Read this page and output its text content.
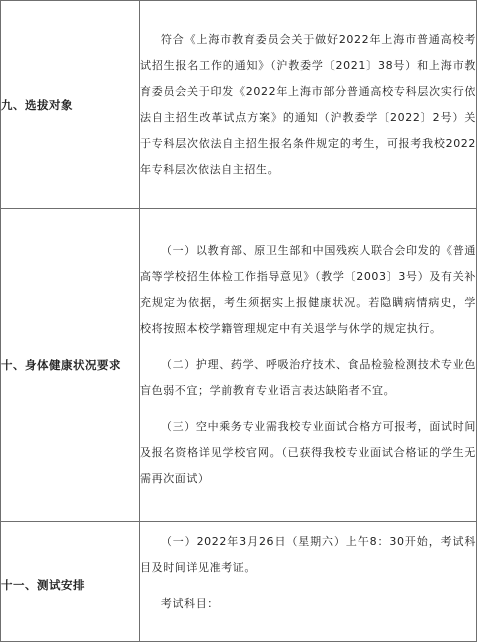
九、选拔对象	符合《上海市教育委员会关于做好2022年上海市普通高校考试招生报名工作的通知》（沪教委学〔2021〕38号）和上海市教育委员会关于印发《2022年上海市部分普通高校专科层次实行依法自主招生改革试点方案》的通知（沪教委学〔2022〕2号）关于专科层次依法自主招生报名条件规定的考生，可报考我校2022年专科层次依法自主招生。

十、身体健康状况要求	（一）以教育部、原卫生部和中国残疾人联合会印发的《普通高等学校招生体检工作指导意见》（教学〔2003〕3号）及有关补充规定为依据，考生须据实上报健康状况。若隐瞒病情病史，学校将按照本校学籍管理规定中有关退学与休学的规定执行。

（二）护理、药学、呼吸治疗技术、食品检验检测技术专业色盲色弱不宜；学前教育专业语言表达缺陷者不宜。

（三）空中乘务专业需我校专业面试合格方可报考，面试时间及报名资格详见学校官网。（已获得我校专业面试合格证的学生无需再次面试）

十一、测试安排	（一）2022年3月26日（星期六）上午8：30开始，考试科目及时间详见准考证。

考试科目：
